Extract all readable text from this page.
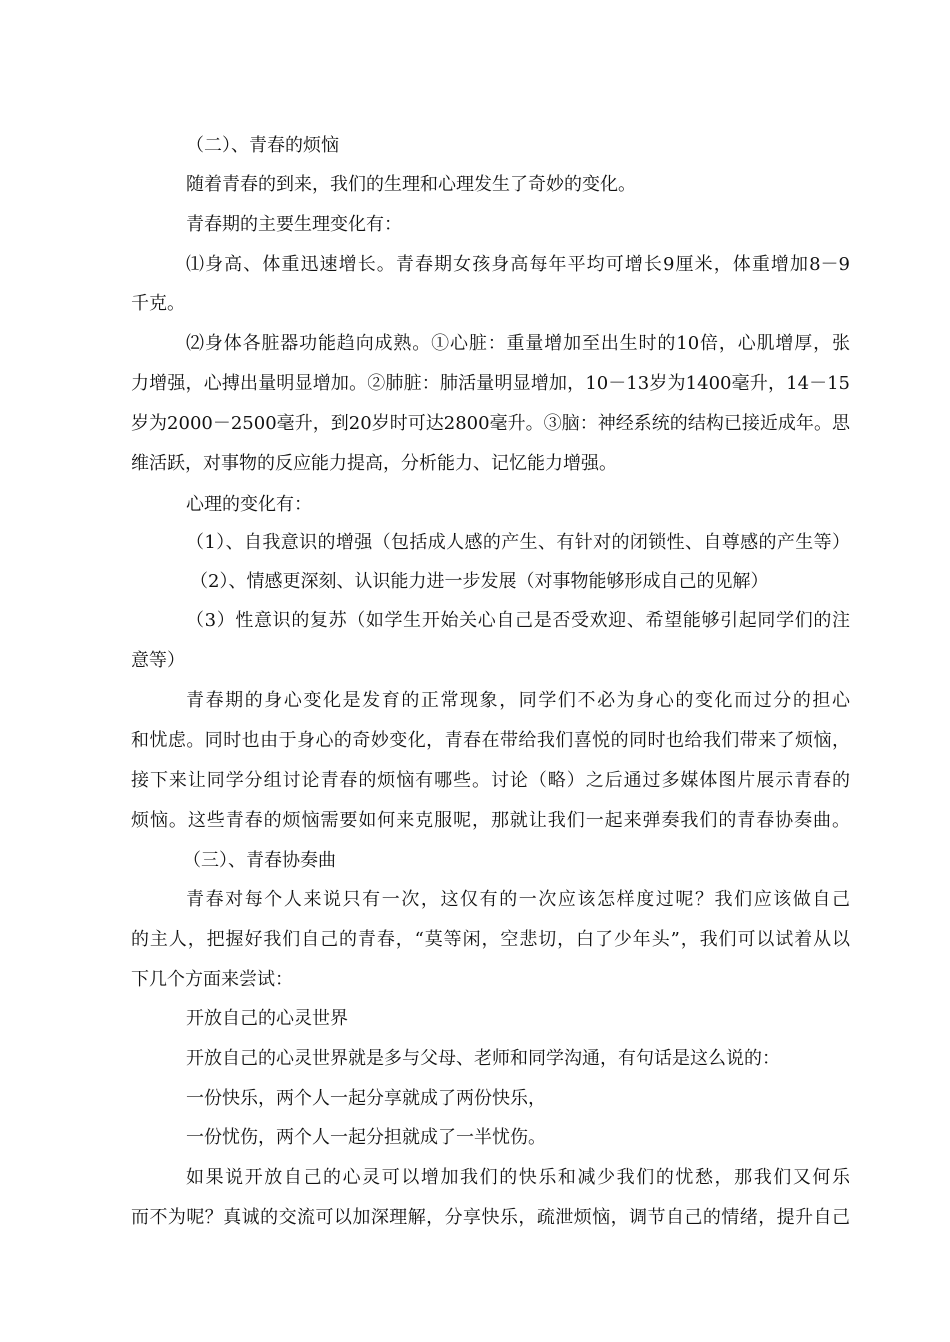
（二）、青春的烦恼
随着青春的到来，我们的生理和心理发生了奇妙的变化。
青春期的主要生理变化有：
⑴身高、体重迅速增长。青春期女孩身高每年平均可增长9厘米，体重增加8－9
千克。
⑵身体各脏器功能趋向成熟。①心脏：重量增加至出生时的10倍，心肌增厚，张
力增强，心搏出量明显增加。②肺脏：肺活量明显增加，10－13岁为1400毫升，14－15
岁为2000－2500毫升，到20岁时可达2800毫升。③脑：神经系统的结构已接近成年。思
维活跃，对事物的反应能力提高，分析能力、记忆能力增强。
心理的变化有：
（1）、自我意识的增强（包括成人感的产生、有针对的闭锁性、自尊感的产生等）
（2）、情感更深刻、认识能力进一步发展（对事物能够形成自己的见解）
（3）性意识的复苏（如学生开始关心自己是否受欢迎、希望能够引起同学们的注
意等）
青春期的身心变化是发育的正常现象，同学们不必为身心的变化而过分的担心
和忧虑。同时也由于身心的奇妙变化，青春在带给我们喜悦的同时也给我们带来了烦恼，
接下来让同学分组讨论青春的烦恼有哪些。讨论（略）之后通过多媒体图片展示青春的
烦恼。这些青春的烦恼需要如何来克服呢，那就让我们一起来弹奏我们的青春协奏曲。
（三）、青春协奏曲
青春对每个人来说只有一次，这仅有的一次应该怎样度过呢？我们应该做自己
的主人，把握好我们自己的青春，“莫等闲，空悲切，白了少年头”，我们可以试着从以
下几个方面来尝试：
开放自己的心灵世界
开放自己的心灵世界就是多与父母、老师和同学沟通，有句话是这么说的：
一份快乐，两个人一起分享就成了两份快乐，
一份忧伤，两个人一起分担就成了一半忧伤。
如果说开放自己的心灵可以增加我们的快乐和减少我们的忧愁，那我们又何乐
而不为呢？真诚的交流可以加深理解，分享快乐，疏泄烦恼，调节自己的情绪，提升自己
